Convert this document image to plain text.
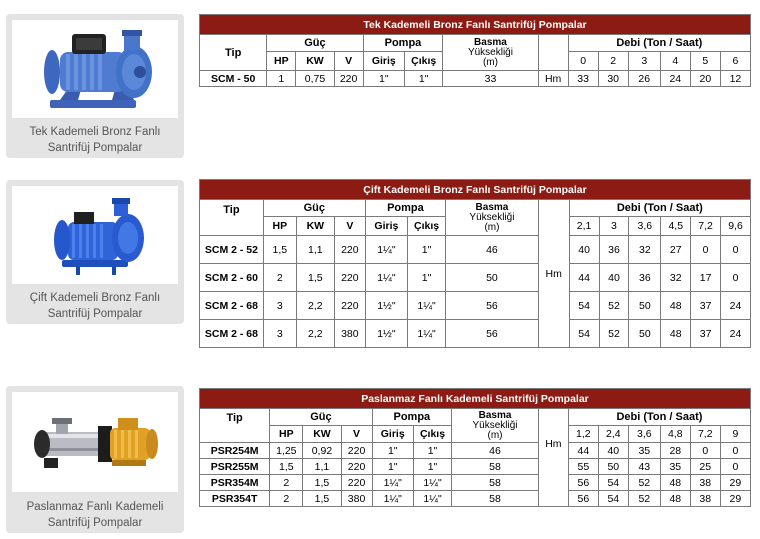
Tek Kademeli Bronz Fanlı
Santrifüj Pompalar
Tek Kademeli Bronz Fanlı Santrifüj Pompalar													
Tip	Güç			Pompa		Basma
Yüksekliği
(m)		Debi (Ton / Saat)					
	HP	KW	V	Giriş	Çıkış			0	2	3	4	5	6
SCM - 50	1	0,75	220	1"	1"	33	Hm	33	30	26	24	20	12
Çift Kademeli Bronz Fanlı
Santrifüj Pompalar
Çift Kademeli Bronz Fanlı Santrifüj Pompalar													
Tip	Güç			Pompa		Basma
Yüksekliği
(m)	Hm	Debi (Ton / Saat)					
	HP	KW	V	Giriş	Çıkış			2,1	3	3,6	4,5	7,2	9,6
SCM 2 - 52	1,5	1,1	220	1¼"	1"	46		40	36	32	27	0	0
SCM 2 - 60	2	1,5	220	1¼"	1"	50		44	40	36	32	17	0
SCM 2 - 68	3	2,2	220	1½"	1¼"	56		54	52	50	48	37	24
SCM 2 - 68	3	2,2	380	1½"	1¼"	56		54	52	50	48	37	24
Paslanmaz Fanlı Kademeli
Santrifüj Pompalar
Paslanmaz Fanlı Kademeli Santrifüj Pompalar													
Tip	Güç			Pompa		Basma
Yüksekliği
(m)	Hm	Debi (Ton / Saat)					
	HP	KW	V	Giriş	Çıkış			1,2	2,4	3,6	4,8	7,2	9
PSR254M	1,25	0,92	220	1"	1"	46		44	40	35	28	0	0
PSR255M	1,5	1,1	220	1"	1"	58		55	50	43	35	25	0
PSR354M	2	1,5	220	1¼"	1¼"	58		56	54	52	48	38	29
PSR354T	2	1,5	380	1¼"	1¼"	58		56	54	52	48	38	29
